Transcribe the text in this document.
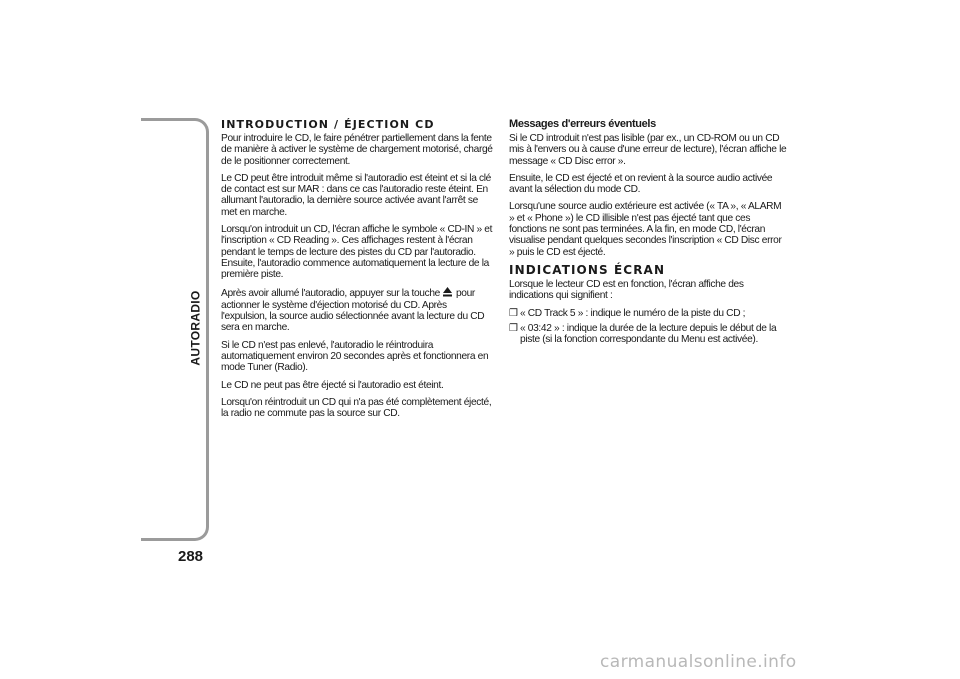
AUTORADIO
288
INTRODUCTION / ÉJECTION CD

Pour introduire le CD, le faire pénétrer partiellement dans la fente de manière à activer le système de chargement motorisé, chargé de le positionner correctement.

Le CD peut être introduit même si l'autoradio est éteint et si la clé de contact est sur MAR : dans ce cas l'autoradio reste éteint. En allumant l'autoradio, la dernière source activée avant l'arrêt se met en marche.

Lorsqu'on introduit un CD, l'écran affiche le symbole « CD-IN » et l'inscription « CD Reading ». Ces affichages restent à l'écran pendant le temps de lecture des pistes du CD par l'autoradio. Ensuite, l'autoradio commence automatiquement la lecture de la première piste.

Après avoir allumé l'autoradio, appuyer sur la touche pour actionner le système d'éjection motorisé du CD. Après l'expulsion, la source audio sélectionnée avant la lecture du CD sera en marche.

Si le CD n'est pas enlevé, l'autoradio le réintroduira automatiquement environ 20 secondes après et fonctionnera en mode Tuner (Radio).

Le CD ne peut pas être éjecté si l'autoradio est éteint.

Lorsqu'on réintroduit un CD qui n'a pas été complètement éjecté, la radio ne commute pas la source sur CD.

Messages d'erreurs éventuels

Si le CD introduit n'est pas lisible (par ex., un CD-ROM ou un CD mis à l'envers ou à cause d'une erreur de lecture), l'écran affiche le message « CD Disc error ».

Ensuite, le CD est éjecté et on revient à la source audio activée avant la sélection du mode CD.

Lorsqu'une source audio extérieure est activée (« TA », « ALARM » et « Phone ») le CD illisible n'est pas éjecté tant que ces fonctions ne sont pas terminées. A la fin, en mode CD, l'écran visualise pendant quelques secondes l'inscription « CD Disc error » puis le CD est éjecté.

INDICATIONS ÉCRAN

Lorsque le lecteur CD est en fonction, l'écran affiche des indications qui signifient :

❒ « CD Track 5 » : indique le numéro de la piste du CD ;
❒ « 03:42 » : indique la durée de la lecture depuis le début de la piste (si la fonction correspondante du Menu est activée).
carmanualsonline.info
